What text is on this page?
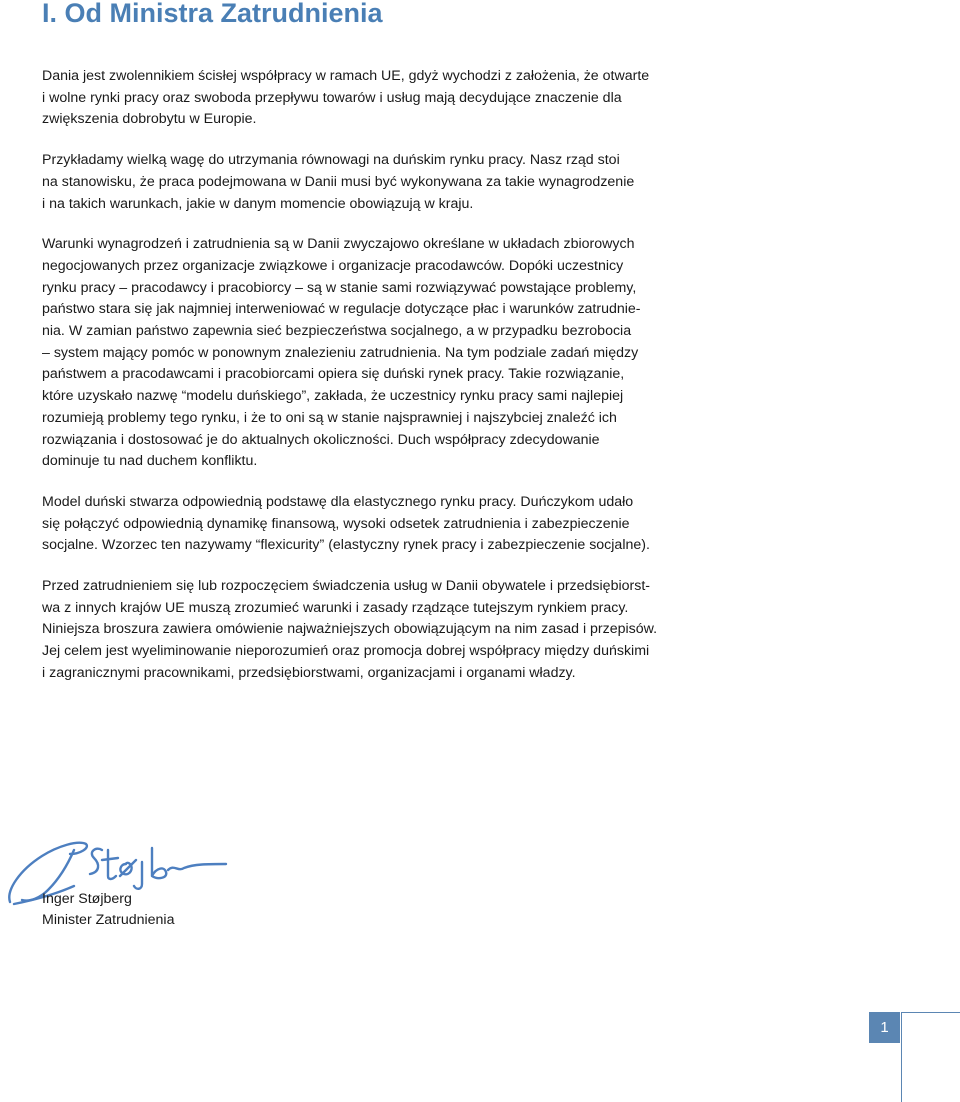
I. Od Ministra Zatrudnienia

Dania jest zwolennikiem ścisłej współpracy w ramach UE, gdyż wychodzi z założenia, że otwarte
i wolne rynki pracy oraz swoboda przepływu towarów i usług mają decydujące znaczenie dla
zwiększenia dobrobytu w Europie.

Przykładamy wielką wagę do utrzymania równowagi na duńskim rynku pracy. Nasz rząd stoi
na stanowisku, że praca podejmowana w Danii musi być wykonywana za takie wynagrodzenie
i na takich warunkach, jakie w danym momencie obowiązują w kraju.

Warunki wynagrodzeń i zatrudnienia są w Danii zwyczajowo określane w układach zbiorowych
negocjowanych przez organizacje związkowe i organizacje pracodawców. Dopóki uczestnicy
rynku pracy – pracodawcy i pracobiorcy – są w stanie sami rozwiązywać powstające problemy,
państwo stara się jak najmniej interweniować w regulacje dotyczące płac i warunków zatrudnie-
nia. W zamian państwo zapewnia sieć bezpieczeństwa socjalnego, a w przypadku bezrobocia
– system mający pomóc w ponownym znalezieniu zatrudnienia. Na tym podziale zadań między
państwem a pracodawcami i pracobiorcami opiera się duński rynek pracy. Takie rozwiązanie,
które uzyskało nazwę “modelu duńskiego”, zakłada, że uczestnicy rynku pracy sami najlepiej
rozumieją problemy tego rynku, i że to oni są w stanie najsprawniej i najszybciej znaleźć ich
rozwiązania i dostosować je do aktualnych okoliczności. Duch współpracy zdecydowanie
dominuje tu nad duchem konfliktu.

Model duński stwarza odpowiednią podstawę dla elastycznego rynku pracy. Duńczykom udało
się połączyć odpowiednią dynamikę finansową, wysoki odsetek zatrudnienia i zabezpieczenie
socjalne. Wzorzec ten nazywamy “flexicurity” (elastyczny rynek pracy i zabezpieczenie socjalne).

Przed zatrudnieniem się lub rozpoczęciem świadczenia usług w Danii obywatele i przedsiębiorst-
wa z innych krajów UE muszą zrozumieć warunki i zasady rządzące tutejszym rynkiem pracy.
Niniejsza broszura zawiera omówienie najważniejszych obowiązującym na nim zasad i przepisów.
Jej celem jest wyeliminowanie nieporozumień oraz promocja dobrej współpracy między duńskimi
i zagranicznymi pracownikami, przedsiębiorstwami, organizacjami i organami władzy.

Inger Støjberg
Minister Zatrudnienia
1
